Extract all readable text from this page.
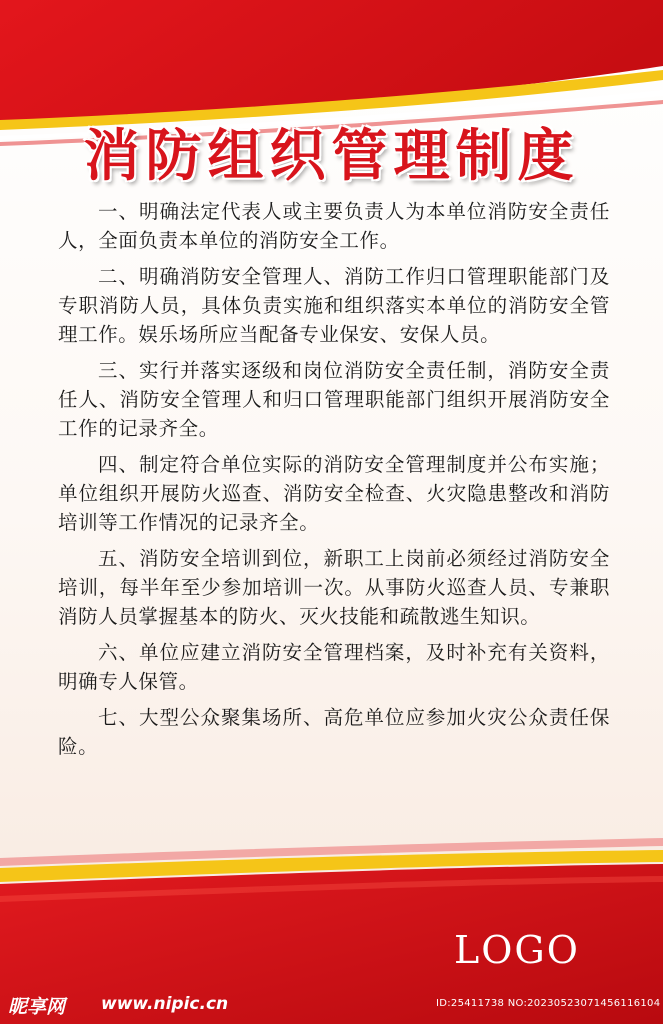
消防组织管理制度

一、明确法定代表人或主要负责人为本单位消防安全责任人，全面负责本单位的消防安全工作。

二、明确消防安全管理人、消防工作归口管理职能部门及专职消防人员，具体负责实施和组织落实本单位的消防安全管理工作。娱乐场所应当配备专业保安、安保人员。

三、实行并落实逐级和岗位消防安全责任制，消防安全责任人、消防安全管理人和归口管理职能部门组织开展消防安全工作的记录齐全。

四、制定符合单位实际的消防安全管理制度并公布实施；单位组织开展防火巡查、消防安全检查、火灾隐患整改和消防培训等工作情况的记录齐全。

五、消防安全培训到位，新职工上岗前必须经过消防安全培训，每半年至少参加培训一次。从事防火巡查人员、专兼职消防人员掌握基本的防火、灭火技能和疏散逃生知识。

六、单位应建立消防安全管理档案，及时补充有关资料，明确专人保管。

七、大型公众聚集场所、高危单位应参加火灾公众责任保险。

LOGO
昵享网 www.nipic.cn	ID:25411738 NO:20230523071456116104
